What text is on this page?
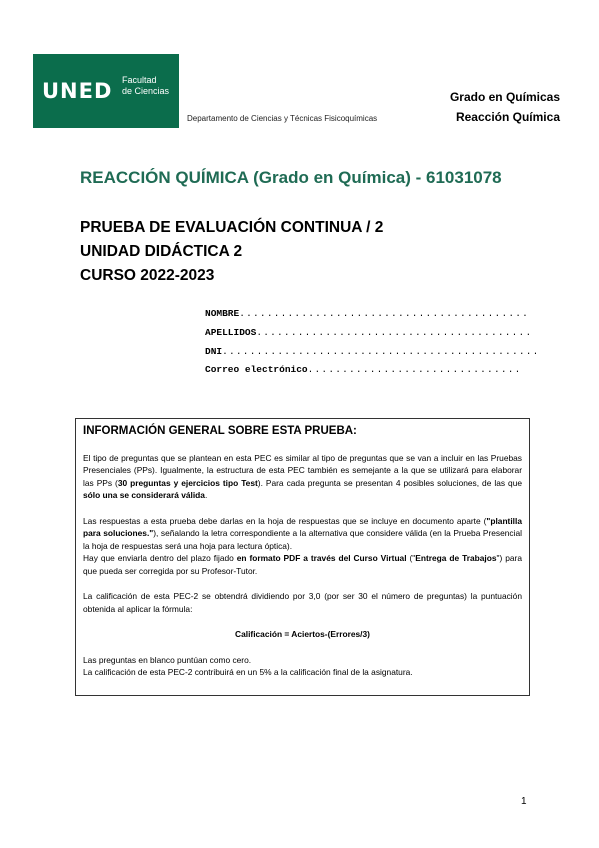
UNED Facultad
de Ciencias
Departamento de Ciencias y Técnicas Fisicoquímicas
Grado en Químicas
Reacción Química
REACCIÓN QUÍMICA (Grado en Química) - 61031078
PRUEBA DE EVALUACIÓN CONTINUA / 2
UNIDAD DIDÁCTICA 2
CURSO 2022-2023
NOMBRE..........................................
APELLIDOS........................................
DNI..............................................
Correo electrónico...............................
INFORMACIÓN GENERAL SOBRE ESTA PRUEBA:

El tipo de preguntas que se plantean en esta PEC es similar al tipo de preguntas que se van a incluir en las Pruebas Presenciales (PPs). Igualmente, la estructura de esta PEC también es semejante a la que se utilizará para elaborar las PPs (30 preguntas y ejercicios tipo Test). Para cada pregunta se presentan 4 posibles soluciones, de las que sólo una se considerará válida.

Las respuestas a esta prueba debe darlas en la hoja de respuestas que se incluye en documento aparte ("plantilla para soluciones."), señalando la letra correspondiente a la alternativa que considere válida (en la Prueba Presencial la hoja de respuestas será una hoja para lectura óptica).
Hay que enviarla dentro del plazo fijado en formato PDF a través del Curso Virtual ("Entrega de Trabajos") para que pueda ser corregida por su Profesor-Tutor.

La calificación de esta PEC-2 se obtendrá dividiendo por 3,0 (por ser 30 el número de preguntas) la puntuación obtenida al aplicar la fórmula:

Calificación = Aciertos-(Errores/3)

Las preguntas en blanco puntúan como cero.
La calificación de esta PEC-2 contribuirá en un 5% a la calificación final de la asignatura.
1
